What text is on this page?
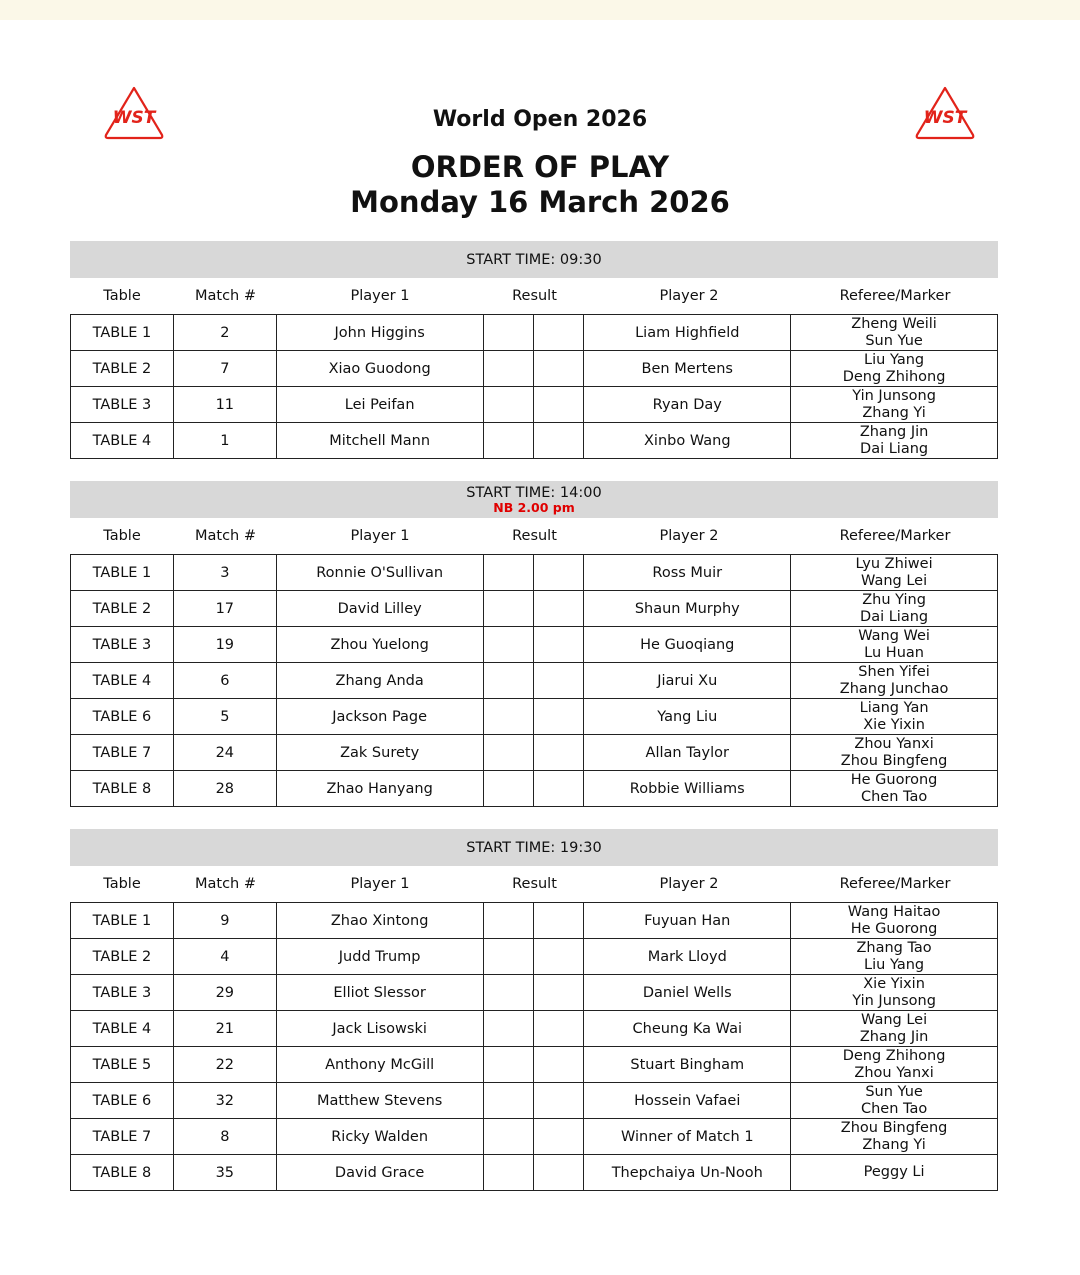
WST	WST
World Open 2026
ORDER OF PLAY
Monday 16 March 2026
START TIME: 09:30
Table	Match #	Player 1	Result	Player 2	Referee/Marker
TABLE 1	2	John Higgins			Liam Highfield	Zheng Weili
Sun Yue

TABLE 2	7	Xiao Guodong			Ben Mertens	Liu Yang
Deng Zhihong

TABLE 3	11	Lei Peifan			Ryan Day	Yin Junsong
Zhang Yi

TABLE 4	1	Mitchell Mann			Xinbo Wang	Zhang Jin
Dai Liang
START TIME: 14:00
NB 2.00 pm
Table	Match #	Player 1	Result	Player 2	Referee/Marker
TABLE 1	3	Ronnie O'Sullivan			Ross Muir	Lyu Zhiwei
Wang Lei

TABLE 2	17	David Lilley			Shaun Murphy	Zhu Ying
Dai Liang

TABLE 3	19	Zhou Yuelong			He Guoqiang	Wang Wei
Lu Huan

TABLE 4	6	Zhang Anda			Jiarui Xu	Shen Yifei
Zhang Junchao

TABLE 6	5	Jackson Page			Yang Liu	Liang Yan
Xie Yixin

TABLE 7	24	Zak Surety			Allan Taylor	Zhou Yanxi
Zhou Bingfeng

TABLE 8	28	Zhao Hanyang			Robbie Williams	He Guorong
Chen Tao
START TIME: 19:30
Table	Match #	Player 1	Result	Player 2	Referee/Marker
TABLE 1	9	Zhao Xintong			Fuyuan Han	Wang Haitao
He Guorong

TABLE 2	4	Judd Trump			Mark Lloyd	Zhang Tao
Liu Yang

TABLE 3	29	Elliot Slessor			Daniel Wells	Xie Yixin
Yin Junsong

TABLE 4	21	Jack Lisowski			Cheung Ka Wai	Wang Lei
Zhang Jin

TABLE 5	22	Anthony McGill			Stuart Bingham	Deng Zhihong
Zhou Yanxi

TABLE 6	32	Matthew Stevens			Hossein Vafaei	Sun Yue
Chen Tao

TABLE 7	8	Ricky Walden			Winner of Match 1	Zhou Bingfeng
Zhang Yi

TABLE 8	35	David Grace			Thepchaiya Un-Nooh	Peggy Li
